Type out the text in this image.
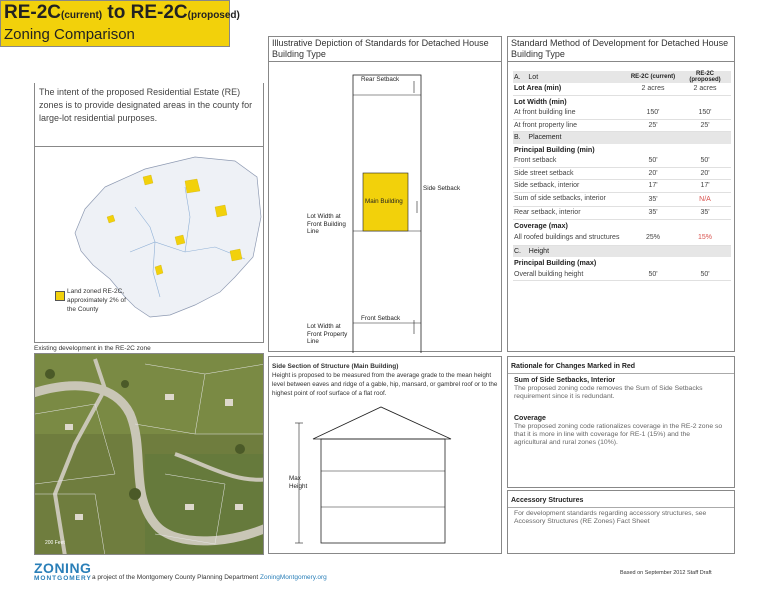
RE-2C(current) to RE-2C(proposed)
Zoning Comparison
The intent of the proposed Residential Estate (RE) zones is to provide designated areas in the county for large-lot residential purposes.
Land zoned RE-2C, approximately 2% of the County
Existing development in the RE-2C zone
200 Feet
Illustrative Depiction of Standards for Detached House Building Type
Rear Setback
Main Building
Side Setback
Lot Width at Front Building Line
Front Setback
Lot Width at Front Property Line
Side Section of Structure (Main Building)
Height is proposed to be measured from the average grade to the mean height level between eaves and ridge of a gable, hip, mansard, or gambrel roof or to the highest point of roof surface of a flat roof.
Max Height
Standard Method of Development for Detached House Building Type
A. Lot	RE-2C (current)	RE-2C (proposed)
Lot Area (min)	2 acres	2 acres
Lot Width (min)		
At front building line	150'	150'
At front property line	25'	25'
B. Placement		
Principal Building (min)		
Front setback	50'	50'
Side street setback	20'	20'
Side setback, interior	17'	17'
Sum of side setbacks, interior	35'	N/A
Rear setback, interior	35'	35'
Coverage (max)		
All roofed buildings and structures	25%	15%
C. Height		
Principal Building (max)		
Overall building height	50'	50'
Rationale for Changes Marked in Red
Sum of Side Setbacks, Interior
The proposed zoning code removes the Sum of Side Setbacks requirement since it is redundant.
Coverage
The proposed zoning code rationalizes coverage in the RE-2 zone so that it is more in line with coverage for RE-1 (15%) and the agricultural and rural zones (10%).
Accessory Structures
For development standards regarding accessory structures, see Accessory Structures (RE Zones) Fact Sheet
ZONING
MONTGOMERY a project of the Montgomery County Planning Department ZoningMontgomery.org
Based on September 2012 Staff Draft
